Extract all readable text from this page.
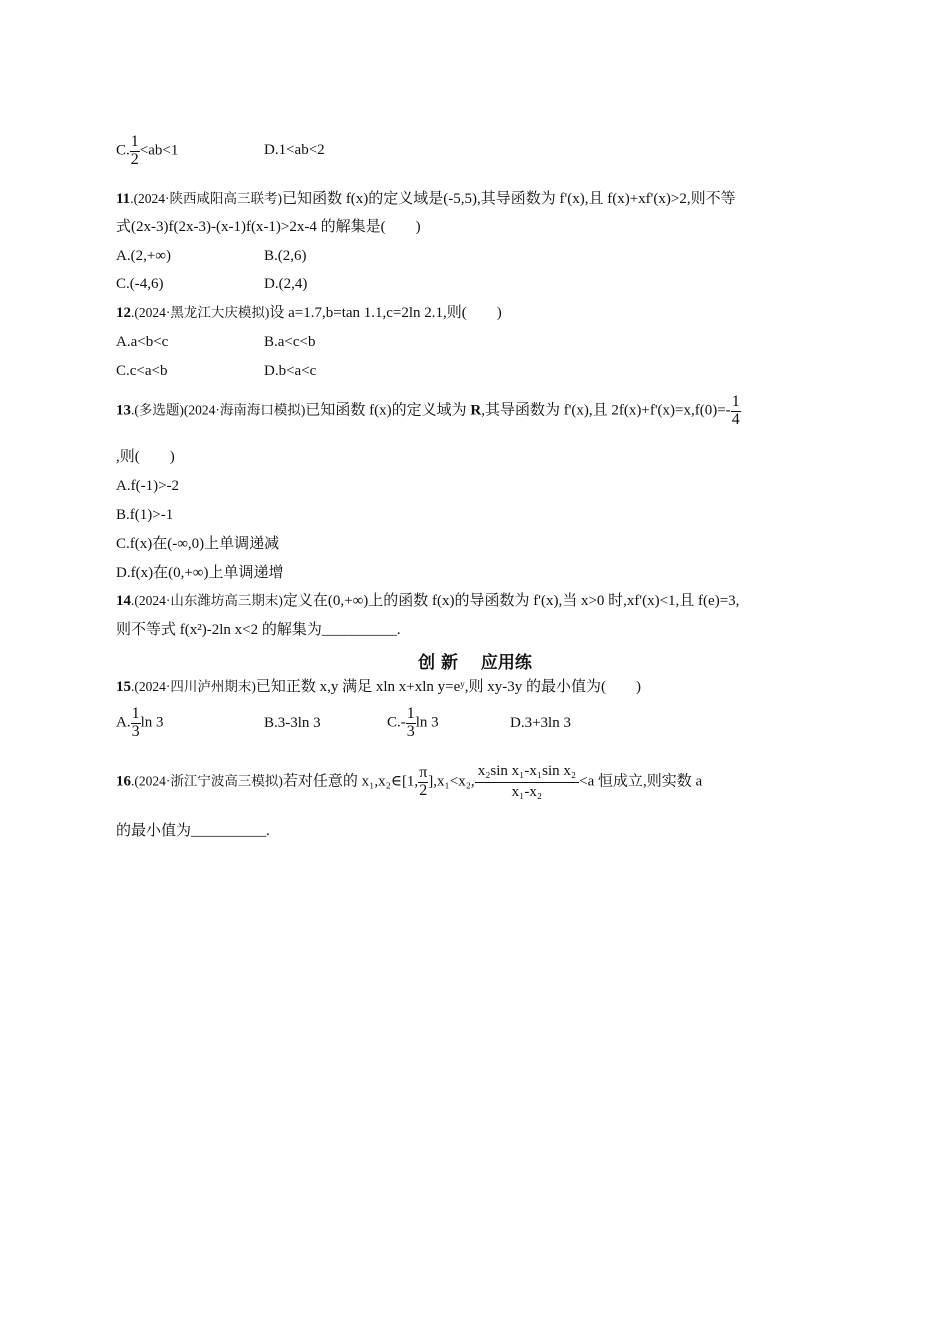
C. $\frac{1}{2} <ab<1$	D.1<ab<2
11.(2024·陕西咸阳高三联考)已知函数 f(x)的定义域是(-5,5),其导函数为 f'(x),且 f(x)+xf'(x)>2,则不等
式(2x-3)f(2x-3)-(x-1)f(x-1)>2x-4 的解集是(　　)
A.(2,+∞)	B.(2,6)
C.(-4,6)	D.(2,4)
12.(2024·黑龙江大庆模拟)设 a=1.7,b=tan 1.1,c=2ln 2.1,则(　　)
A.a<b<c	B.a<c<b
C.c<a<b	D.b<a<c
13.(多选题)(2024·海南海口模拟)已知函数 f(x)的定义域为 R,其导函数为 f'(x),且 $2f(x)+f'(x)=x,f(0)=- \frac{1}{4}$
,则(　　)
A.f(-1)>-2
B.f(1)>-1
C.f(x)在(-∞,0)上单调递减
D.f(x)在(0,+∞)上单调递增
14.(2024·山东潍坊高三期末)定义在(0,+∞)上的函数 f(x)的导函数为 f'(x),当 x>0 时,xf'(x)<1,且 f(e)=3,
则不等式 f(x²)-2ln x<2 的解集为__________.
创 新　 应用练
15.(2024·四川泸州期末)已知正数 x,y 满足 xln x+xln y=eʸ,则 xy-3y 的最小值为(　　)
A. $\frac{1}{3}$ ln 3	B.3-3ln 3	$C.- \frac{1}{3}$ ln 3	D.3+3ln 3
16.(2024·浙江宁波高三模拟)若对任意的 x₁,x₂∈[1, $\frac{\pi}{2} ],x_1<x_2$, $\frac{\text{x₂sin x₁-x₁sin x₂}}{\text{x₁-x₂}} <a$ 恒成立,则实数 a
的最小值为__________.
